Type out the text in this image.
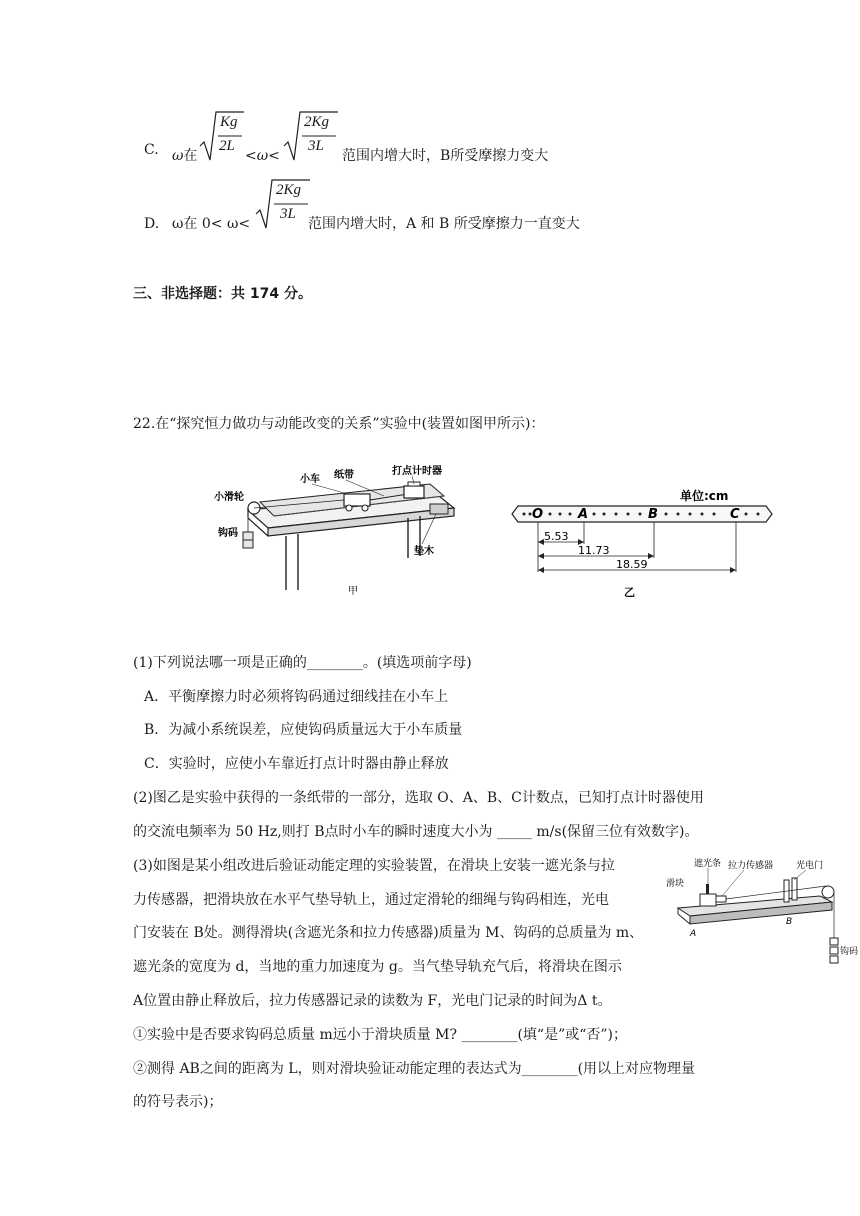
C. ω在
Kg
2L
<ω<
2Kg
3L
范围内增大时，B所受摩擦力变大
D. ω在 0< ω<
2Kg
3L
范围内增大时，A 和 B 所受摩擦力一直变大
三、非选择题：共 174 分。
22.在“探究恒力做功与动能改变的关系”实验中(装置如图甲所示)：
小车 纸带	打点计时器
小滑轮
钩码
垫木
甲
单位:cm
O	A	B	C
5.53
11.73
18.59
乙
(1)下列说法哪一项是正确的________。(填选项前字母)
A．平衡摩擦力时必须将钩码通过细线挂在小车上
B．为减小系统误差，应使钩码质量远大于小车质量
C．实验时，应使小车靠近打点计时器由静止释放
(2)图乙是实验中获得的一条纸带的一部分，选取 O、A、B、C计数点，已知打点计时器使用
的交流电频率为 50 Hz,则打 B点时小车的瞬时速度大小为 _____ m/s(保留三位有效数字)。
(3)如图是某小组改进后验证动能定理的实验装置，在滑块上安装一遮光条与拉
力传感器，把滑块放在水平气垫导轨上，通过定滑轮的细绳与钩码相连，光电
门安装在 B处。测得滑块(含遮光条和拉力传感器)质量为 M、钩码的总质量为 m、
遮光条的宽度为 d，当地的重力加速度为 g。当气垫导轨充气后，将滑块在图示
A位置由静止释放后，拉力传感器记录的读数为 F，光电门记录的时间为Δ t。
滑块
遮光条 拉力传感器	光电门
A
B
钩码
①实验中是否要求钩码总质量 m远小于滑块质量 M? ________(填“是”或“否”)；
②测得 AB之间的距离为 L，则对滑块验证动能定理的表达式为________(用以上对应物理量
的符号表示)；
